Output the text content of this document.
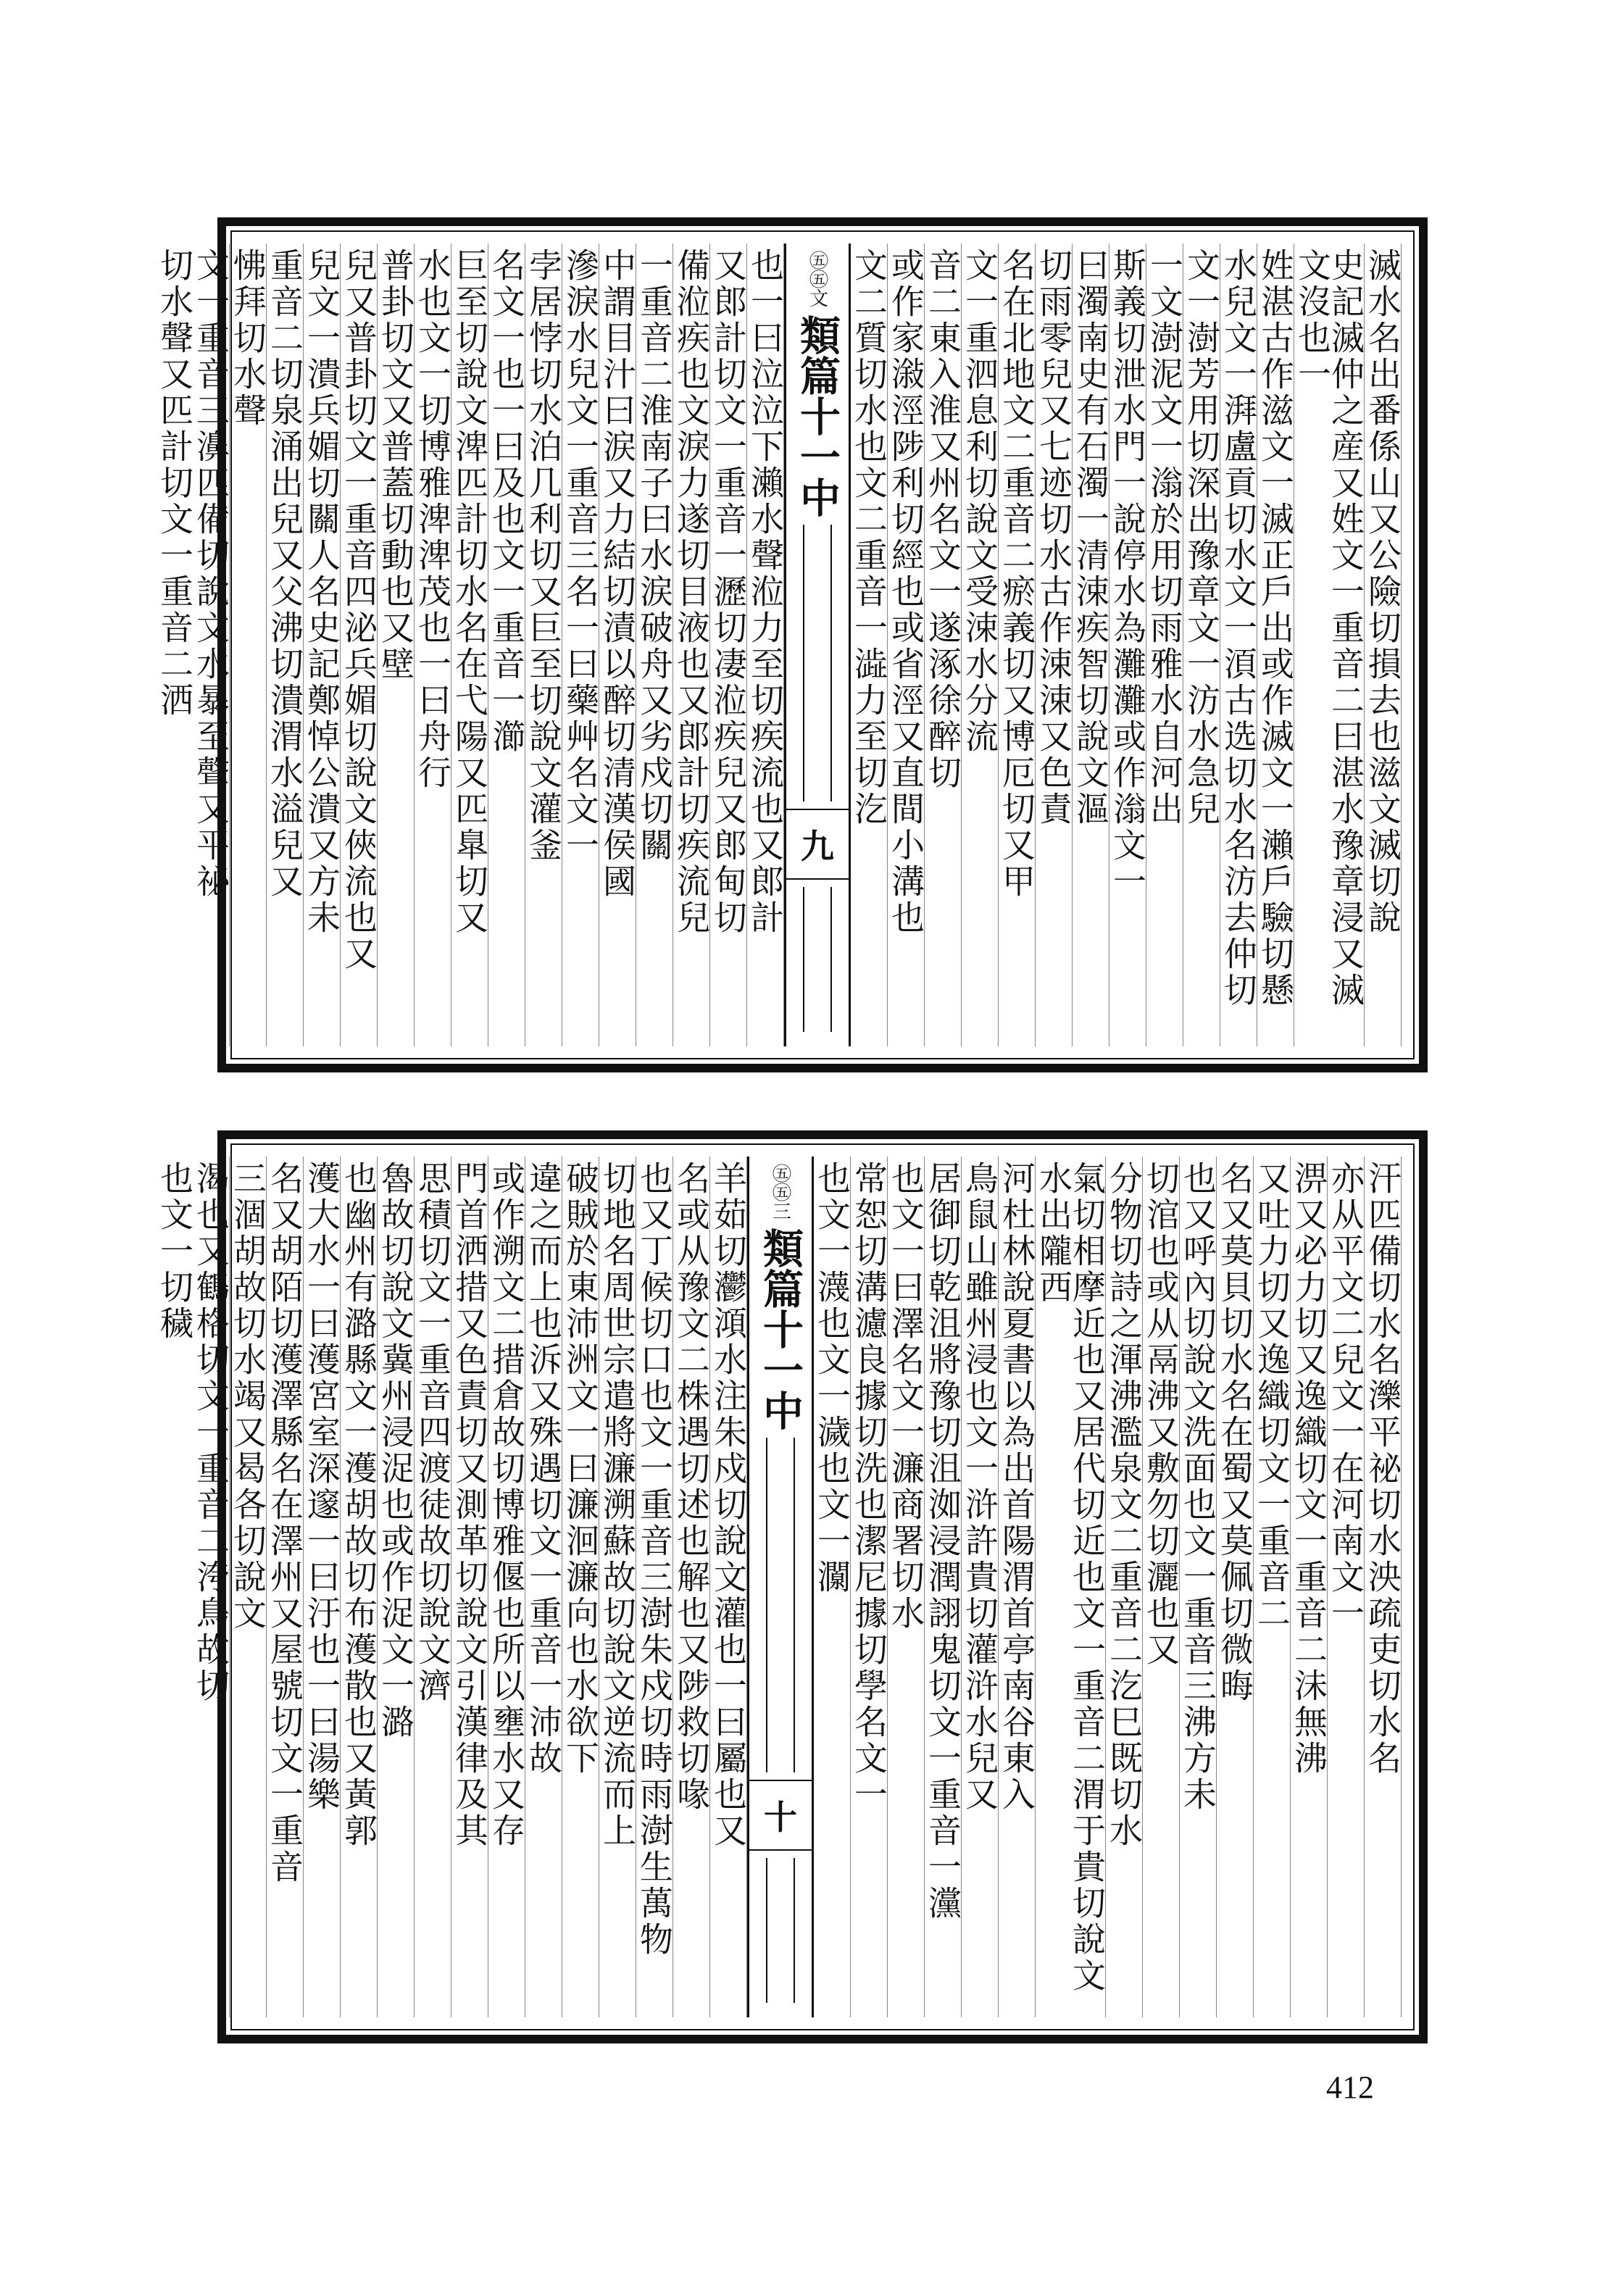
滅水名出番係山又公險切損去也滋文滅切說
史記滅仲之産又姓文一重音二曰湛水豫章浸又滅文沒也一
姓湛古作滋文一滅正戶出或作滅文一瀨戶驗切懸
水兒文一湃盧貢切水文一湏古选切水名汸去仲切
文一澍芳用切深出豫章文一汸水急兒
一文澍泥文一滃於用切雨雅水自河出
斯義切泄水門一說停水為灘灘或作滃文一
曰濁南史有石濁一清涑疾智切說文漚
切雨零兒又七迹切水古作涑涑又色責
名在北地文二重音二瘀義切又博厄切又甲
文一重泗息利切說文受涑水分流
音二東入淮又州名文一遂涿徐醉切
或作家潊涇陟利切經也或省涇又直間小溝也
文二質切水也文二重音一澁力至切汔
㊄㊄文
類篇十一中
九
也一曰泣泣下瀨水聲涖力至切疾流也又郎計
又郎計切文一重音一瀝切凄涖疾兒又郎甸切
備涖疾也文淚力遂切目液也又郎計切疾流兒
一重音二淮南子曰水涙破舟又劣戍切關
中謂目汁曰涙又力結切漬以醉切清漢侯國
滲淚水兒文一重音三名一曰藥艸名文一
孛居悖切水泊几利切又巨至切說文灌釜
名文一也一曰及也文一重音一瀄
巨至切說文渒匹計切水名在弋陽又匹臯切又
水也文一切博雅渒渒茂也一曰舟行
普卦切文又普蓋切動也又壁
兒又普卦切文一重音四泌兵媚切說文俠流也又
兒文一潰兵媚切關人名史記鄭悼公潰又方未
重音二切泉涌出兒又父沸切潰渭水溢兒又
怫拜切水聲
文一重音三濞匹備切說文水暴至聲又平祕
切水聲又匹計切文一重音二洒
汗匹備切水名濼平祕切水泱疏吏切水名
亦从平文二兒文一在河南文一
淠又必力切又逸織切文一重音二沬無沸
又吐力切又逸織切文一重音二
名又莫貝切水名在蜀又莫佩切微晦
也又呼內切說文洗面也文一重音三沸方未
切涫也或从鬲沸又敷勿切灑也又
分物切詩之渾沸濫泉文二重音二汔巳既切水
氣切相摩近也又居代切近也文一重音二渭于貴切說文水出隴西
河杜林說夏書以為出首陽渭首亭南谷東入
鳥鼠山雖州浸也文一浒許貴切灌浒水兒又
居御切乾沮將豫切沮洳浸潤詡鬼切文一重音一灙
也文一曰澤名文一濂商署切水
常恕切溝濾良據切洗也潔尼據切學名文一
也文一瀎也文一濊也文一灁
㊄㊄三
類篇十一中
十
羊茹切灪澒水注朱戍切說文灌也一曰屬也又
名或从豫文二株遇切述也解也又陟救切喙
也又丁候切口也文一重音三澍朱戍切時雨澍生萬物
切地名周世宗遣將濂溯蘇故切說文逆流而上
破賊於東沛洲文一曰濂洄濂向也水欲下
違之而上也泝又殊遇切文一重音一沛故
或作溯文二措倉故切博雅偃也所以壅水又存
門首洒措又色責切又測革切說文引漢律及其
思積切文一重音四渡徒故切說文濟
魯故切說文冀州浸浞也或作浞文一潞
也幽州有潞縣文一濩胡故切布濩散也又黃郭
濩大水一曰濩宮室深邃一曰汙也一曰湯樂
名又胡陌切濩澤縣名在澤州又屋號切文一重音
三涸胡故切水竭又曷各切說文
渴也又鶴格切文一重音二洿鳥故切
也文一切穢
412
